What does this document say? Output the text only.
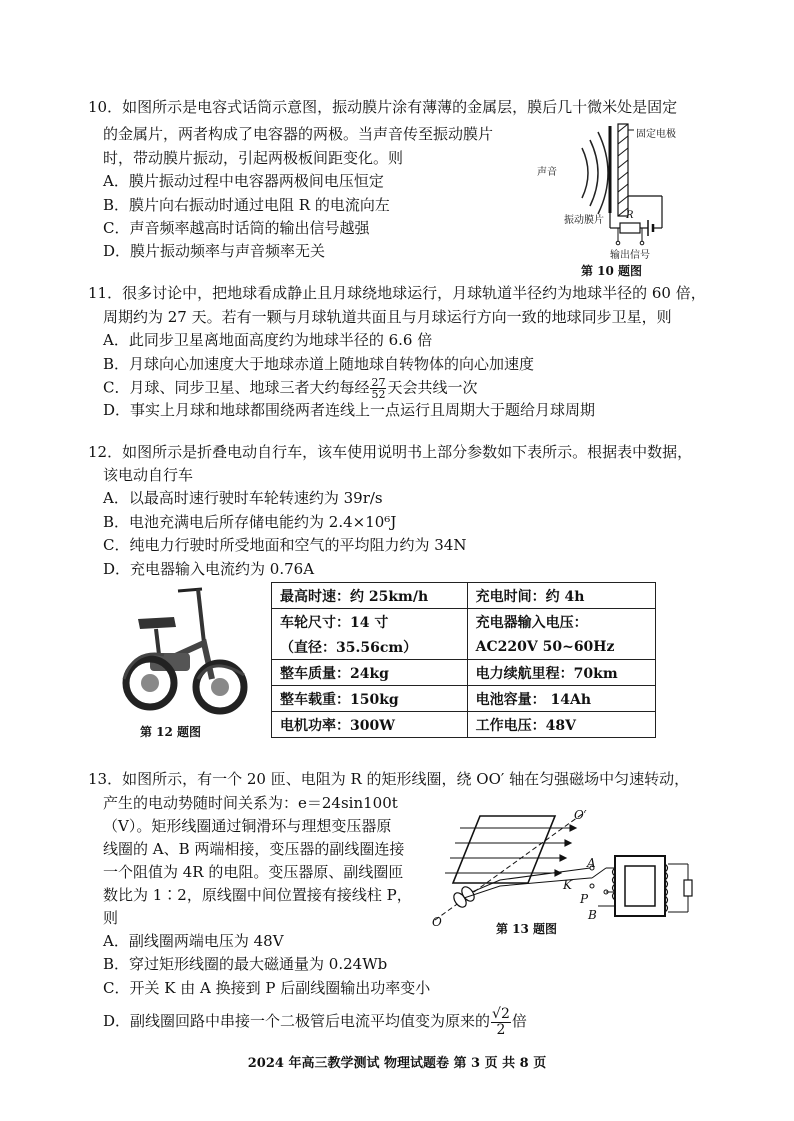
10．如图所示是电容式话筒示意图，振动膜片涂有薄薄的金属层，膜后几十微米处是固定
的金属片，两者构成了电容器的两极。当声音传至振动膜片
时，带动膜片振动，引起两极板间距变化。则
A．膜片振动过程中电容器两极间电压恒定
B．膜片向右振动时通过电阻 R 的电流向左
C．声音频率越高时话筒的输出信号越强
D．膜片振动频率与声音频率无关
固定电极
声音
振动膜片 R
输出信号
第 10 题图
11．很多讨论中，把地球看成静止且月球绕地球运行，月球轨道半径约为地球半径的 60 倍，
周期约为 27 天。若有一颗与月球轨道共面且与月球运行方向一致的地球同步卫星，则
A．此同步卫星离地面高度约为地球半径的 6.6 倍
B．月球向心加速度大于地球赤道上随地球自转物体的向心加速度
C．月球、同步卫星、地球三者大约每经 $\frac{27}{52}$ 天会共线一次
D．事实上月球和地球都围绕两者连线上一点运行且周期大于题给月球周期
12．如图所示是折叠电动自行车，该车使用说明书上部分参数如下表所示。根据表中数据，
该电动自行车
A．以最高时速行驶时车轮转速约为 39r/s
B．电池充满电后所存储电能约为 2.4×10⁶J
C．纯电力行驶时所受地面和空气的平均阻力约为 34N
D．充电器输入电流约为 0.76A
第 12 题图
最高时速：约 25km/h	充电时间：约 4h
车轮尺寸：14 寸	充电器输入电压：
（直径：35.56cm）	AC220V 50~60Hz
整车质量：24kg	电力续航里程：70km
整车载重：150kg	电池容量： 14Ah
电机功率：300W	工作电压：48V
13．如图所示，有一个 20 匝、电阻为 R 的矩形线圈，绕 OO′ 轴在匀强磁场中匀速转动，
产生的电动势随时间关系为：e＝24sin100t
（V）。矩形线圈通过铜滑环与理想变压器原
线圈的 A、B 两端相接，变压器的副线圈连接
一个阻值为 4R 的电阻。变压器原、副线圈匝
数比为 1∶2，原线圈中间位置接有接线柱 P，
则
A．副线圈两端电压为 48V
B．穿过矩形线圈的最大磁通量为 0.24Wb
C．开关 K 由 A 换接到 P 后副线圈输出功率变小
D．副线圈回路中串接一个二极管后电流平均值变为原来的 $\frac{√2}{2}$ 倍
O′
O
A
K
P
B
第 13 题图
2024 年高三教学测试 物理试题卷 第 3 页 共 8 页
